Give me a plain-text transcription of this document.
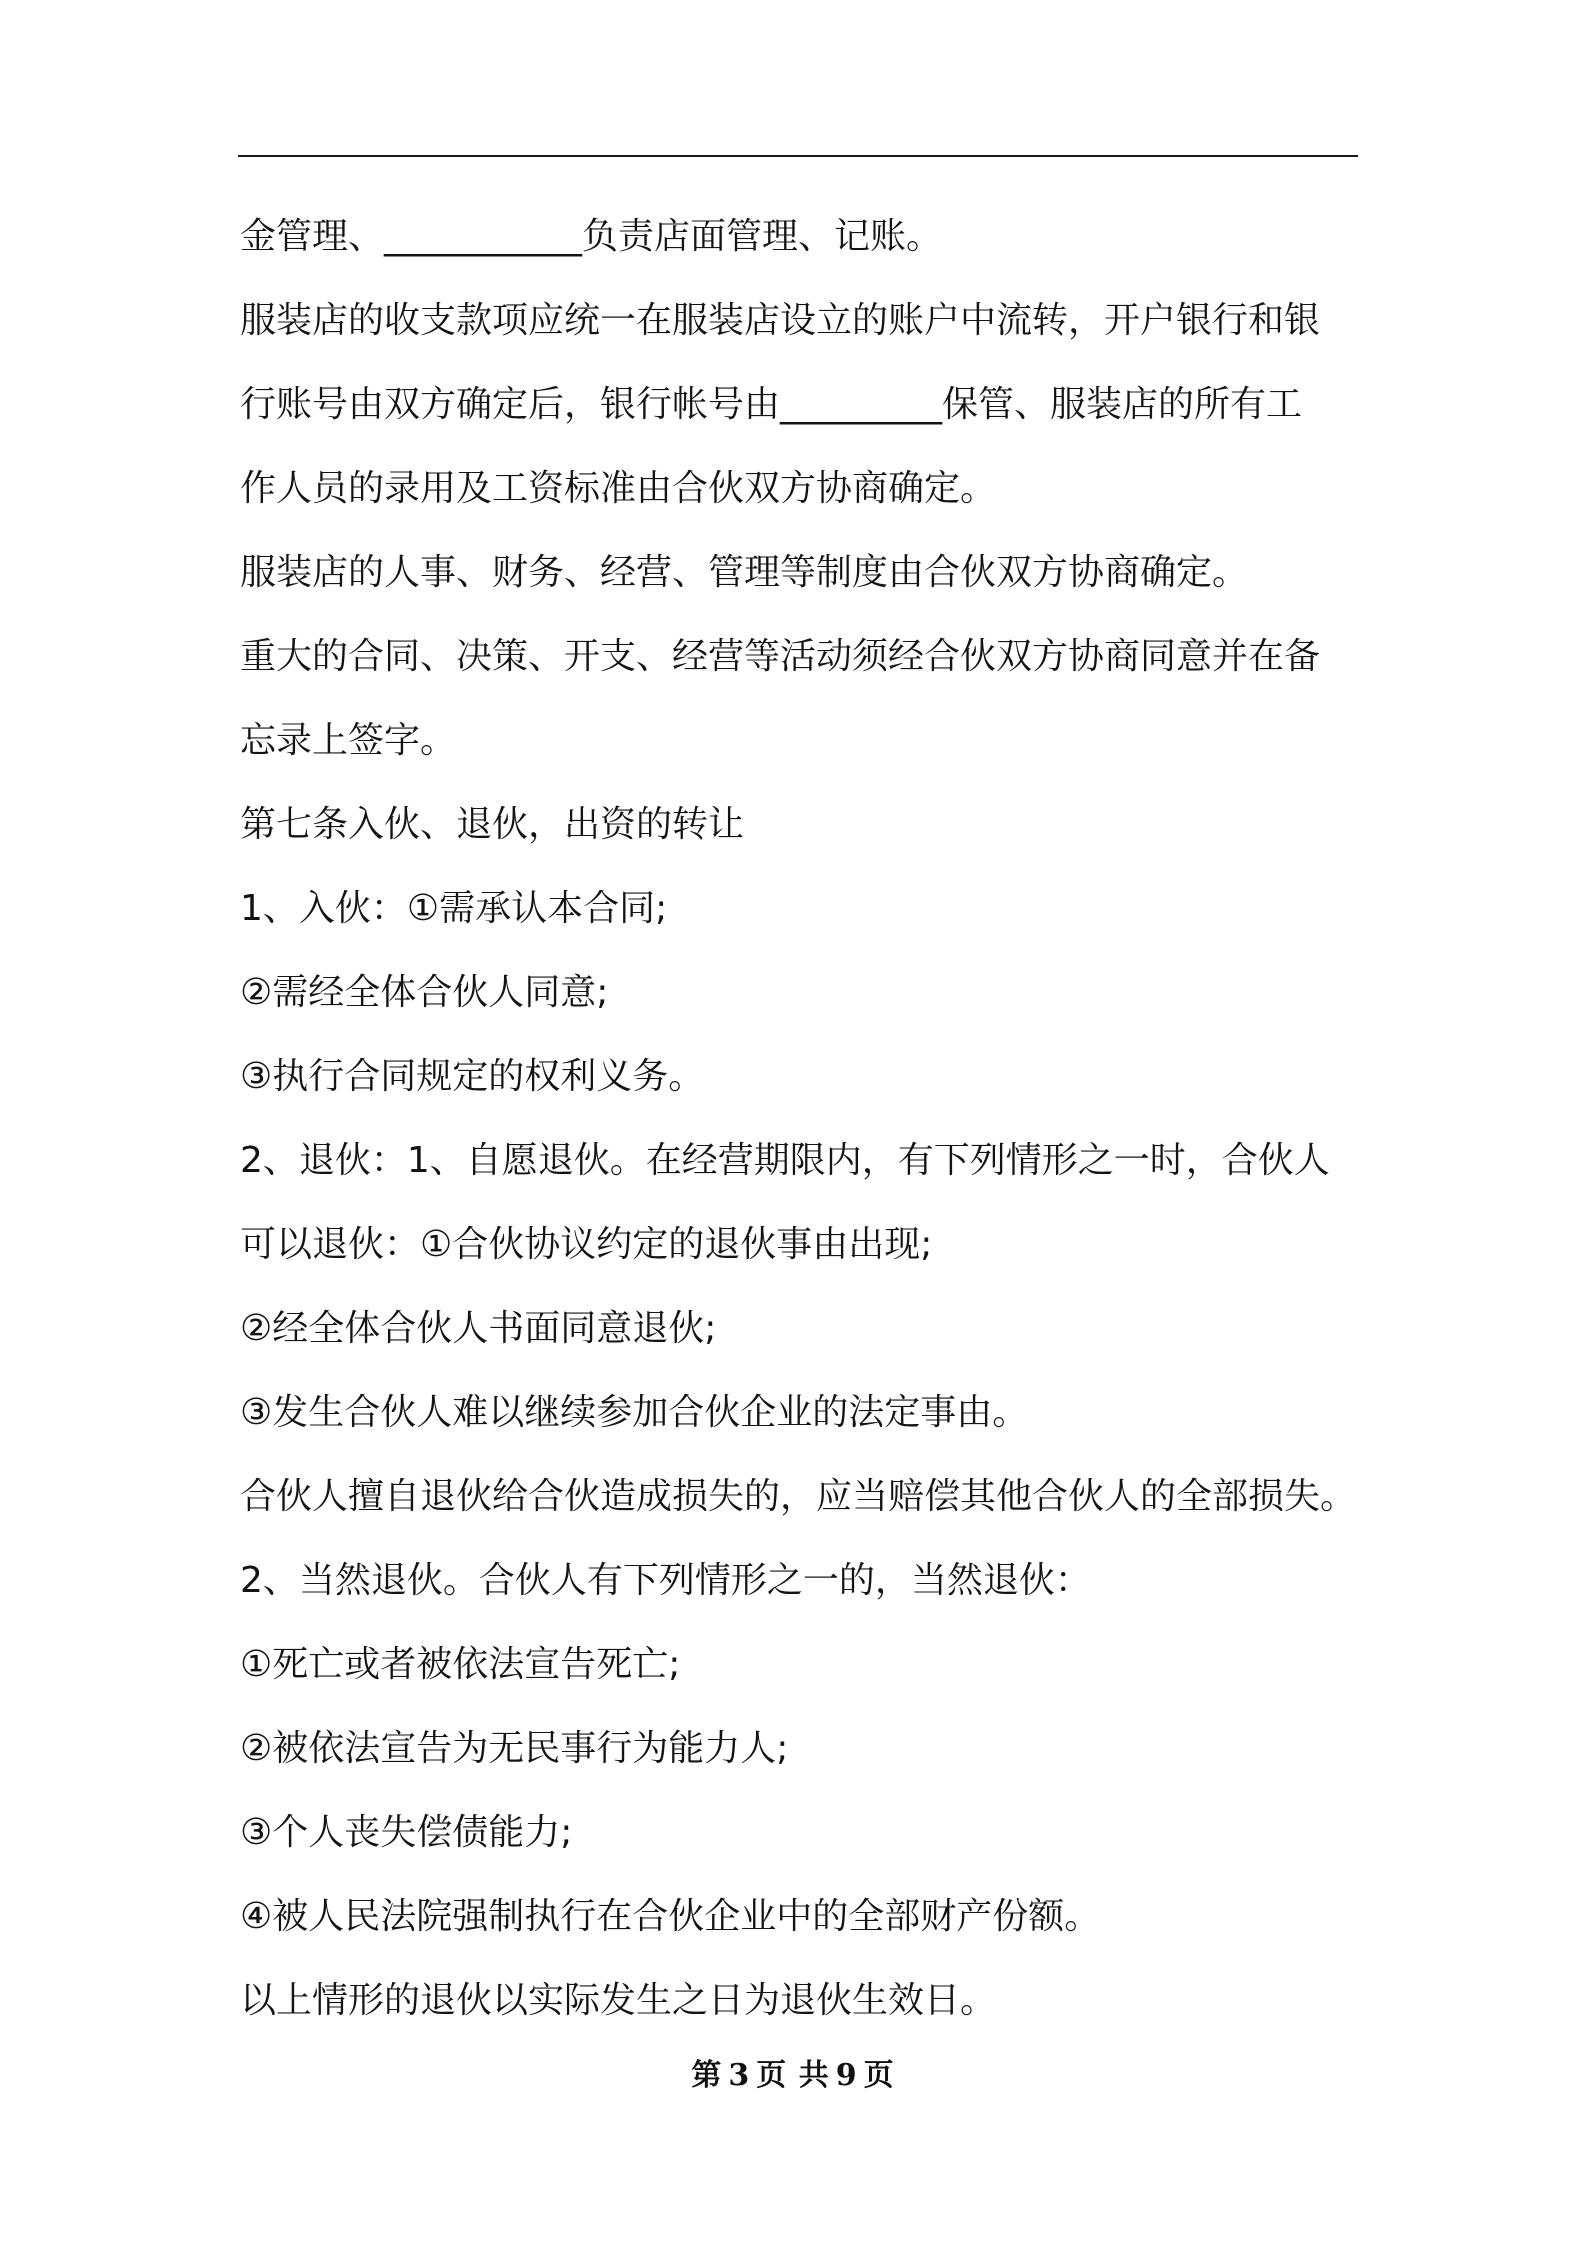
金管理、___________负责店面管理、记账。
服装店的收支款项应统一在服装店设立的账户中流转，开户银行和银
行账号由双方确定后，银行帐号由_________保管、服装店的所有工
作人员的录用及工资标准由合伙双方协商确定。
服装店的人事、财务、经营、管理等制度由合伙双方协商确定。
重大的合同、决策、开支、经营等活动须经合伙双方协商同意并在备
忘录上签字。
第七条入伙、退伙，出资的转让
1、入伙：①需承认本合同;
②需经全体合伙人同意;
③执行合同规定的权利义务。
2、退伙：1、自愿退伙。在经营期限内，有下列情形之一时，合伙人
可以退伙：①合伙协议约定的退伙事由出现;
②经全体合伙人书面同意退伙;
③发生合伙人难以继续参加合伙企业的法定事由。
合伙人擅自退伙给合伙造成损失的，应当赔偿其他合伙人的全部损失。
2、当然退伙。合伙人有下列情形之一的，当然退伙：
①死亡或者被依法宣告死亡;
②被依法宣告为无民事行为能力人;
③个人丧失偿债能力;
④被人民法院强制执行在合伙企业中的全部财产份额。
以上情形的退伙以实际发生之日为退伙生效日。
第 3 页 共 9 页
